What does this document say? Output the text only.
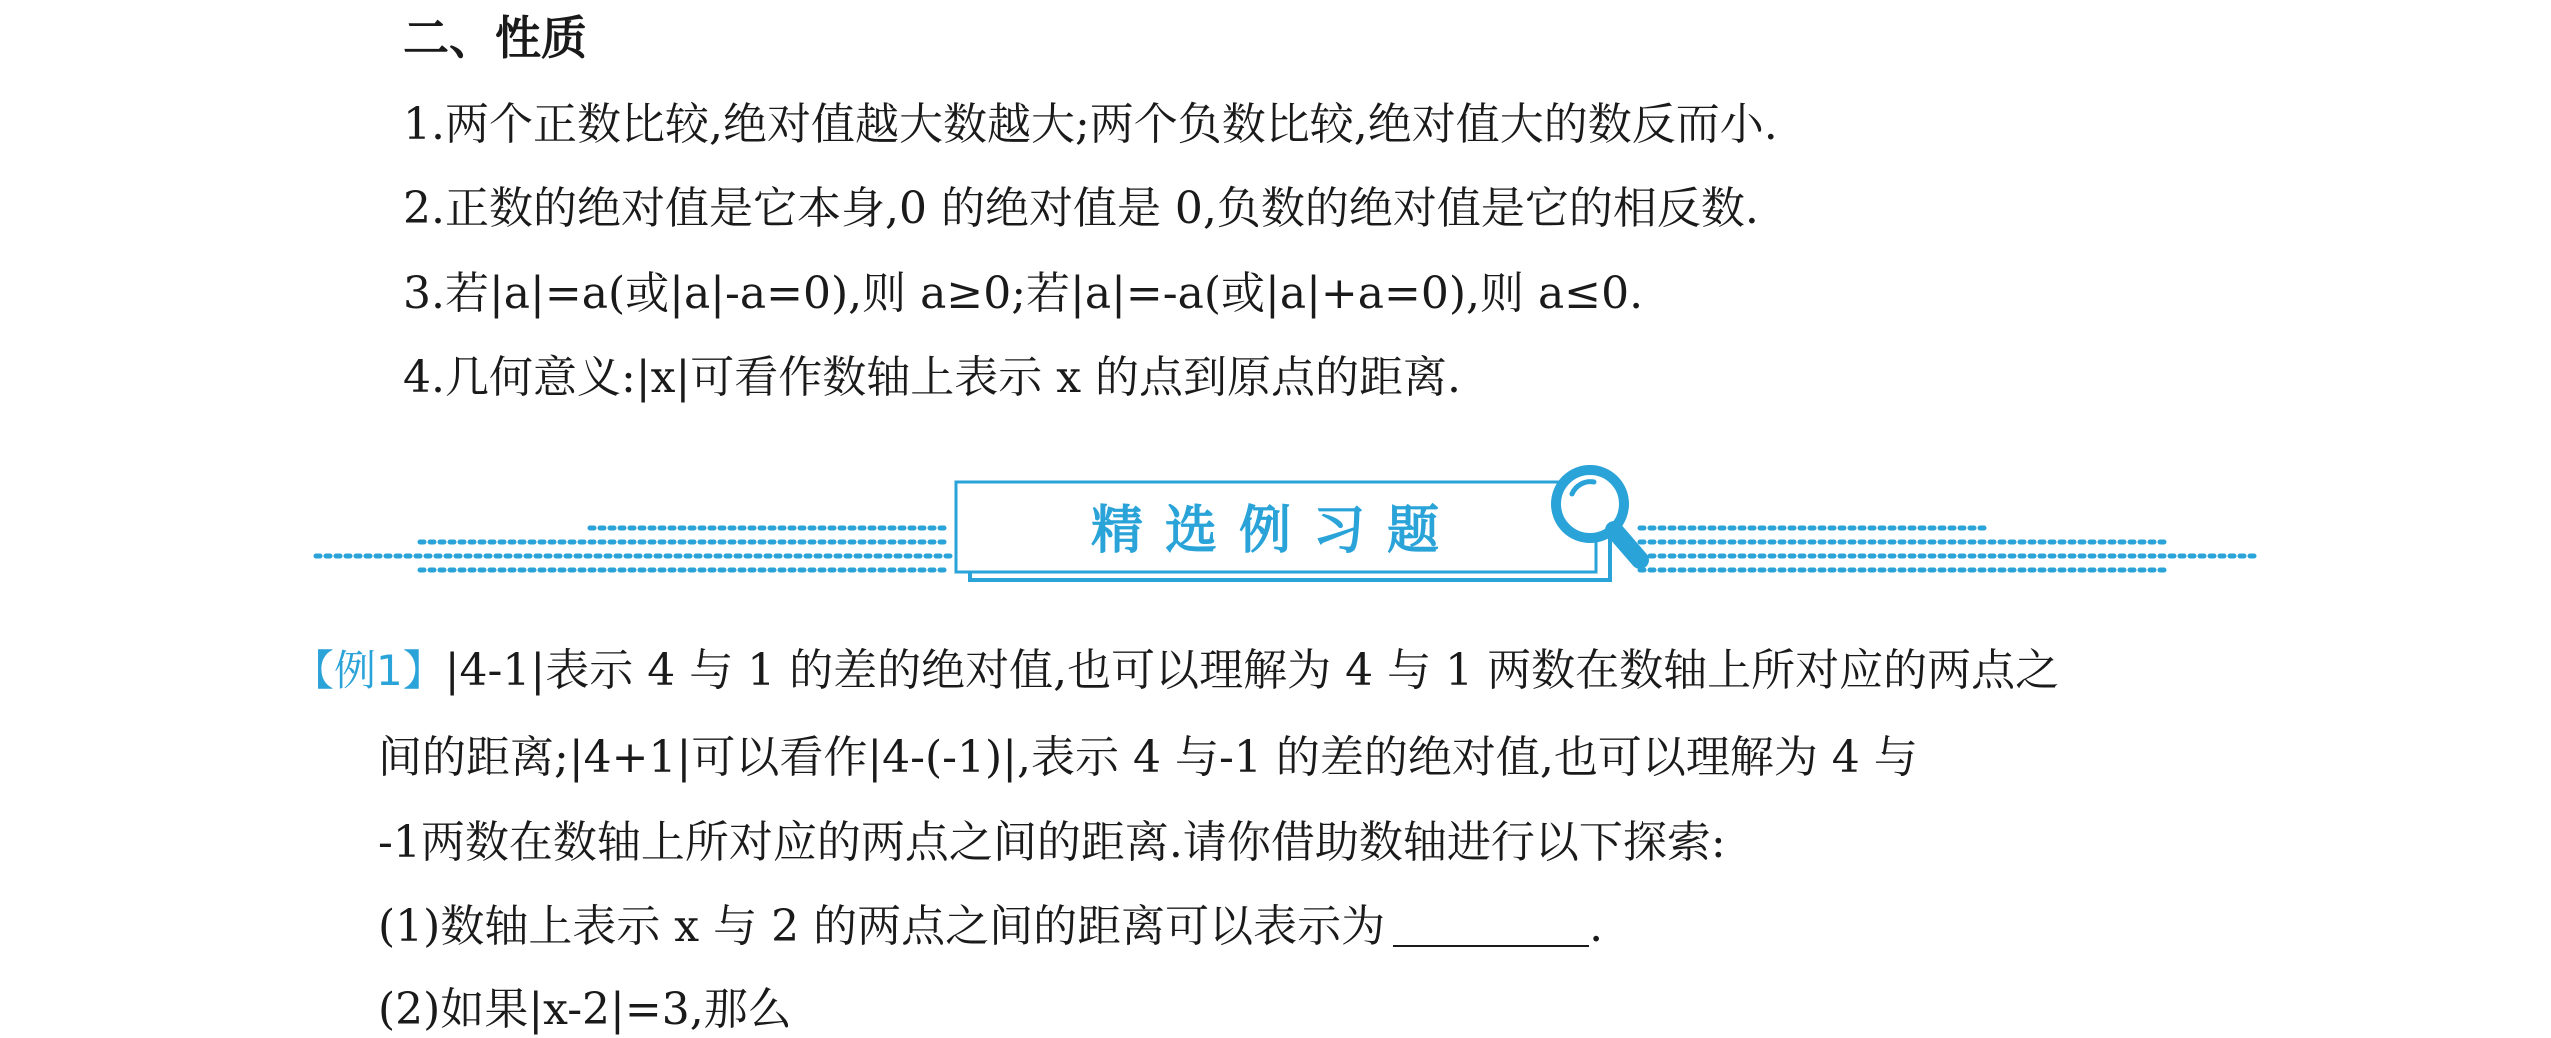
二、性质
1.两个正数比较,绝对值越大数越大;两个负数比较,绝对值大的数反而小.
2.正数的绝对值是它本身,0 的绝对值是 0,负数的绝对值是它的相反数.
3.若|a|=a(或|a|-a=0),则 a≥0;若|a|=-a(或|a|+a=0),则 a≤0.
4.几何意义:|x|可看作数轴上表示 x 的点到原点的距离.
精选例习题
【例1】|4-1|表示 4 与 1 的差的绝对值,也可以理解为 4 与 1 两数在数轴上所对应的两点之
间的距离;|4+1|可以看作|4-(-1)|,表示 4 与-1 的差的绝对值,也可以理解为 4 与
-1两数在数轴上所对应的两点之间的距离.请你借助数轴进行以下探索:
(1)数轴上表示 x 与 2 的两点之间的距离可以表示为	.
(2)如果|x-2|=3,那么
